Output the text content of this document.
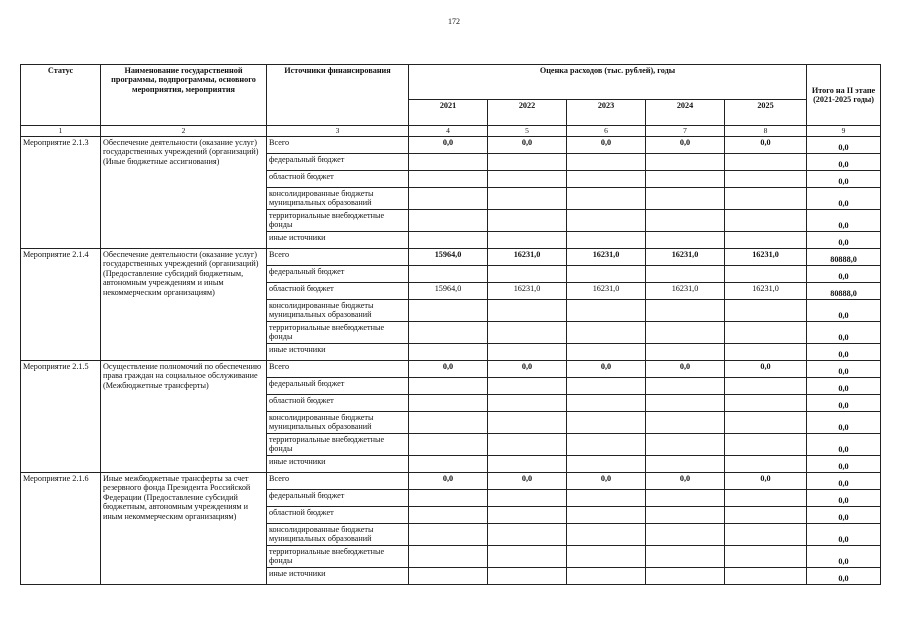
172
Статус	Наименование государственной программы, подпрограммы, основного мероприятия, мероприятия	Источники финансирования	Оценка расходов (тыс. рублей), годы					Итого на II этапе (2021-2025 годы)
			2021	2022	2023	2024	2025	
1	2	3	4	5	6	7	8	9
Мероприятие 2.1.3	Обеспечение деятельности (оказание услуг) государственных учреждений (организаций) (Иные бюджетные ассигнования)	Всего	0,0	0,0	0,0	0,0	0,0	0,0
		федеральный бюджет						0,0
		областной бюджет						0,0
		консолидированные бюджеты муниципальных образований						0,0
		территориальные внебюджетные фонды						0,0
		иные источники						0,0
Мероприятие 2.1.4	Обеспечение деятельности (оказание услуг) государственных учреждений (организаций) (Предоставление субсидий бюджетным, автономным учреждениям и иным некоммерческим организациям)	Всего	15964,0	16231,0	16231,0	16231,0	16231,0	80888,0
		федеральный бюджет						0,0
		областной бюджет	15964,0	16231,0	16231,0	16231,0	16231,0	80888,0
		консолидированные бюджеты муниципальных образований						0,0
		территориальные внебюджетные фонды						0,0
		иные источники						0,0
Мероприятие 2.1.5	Осуществление полномочий по обеспечению права граждан на социальное обслуживание (Межбюджетные трансферты)	Всего	0,0	0,0	0,0	0,0	0,0	0,0
		федеральный бюджет						0,0
		областной бюджет						0,0
		консолидированные бюджеты муниципальных образований						0,0
		территориальные внебюджетные фонды						0,0
		иные источники						0,0
Мероприятие 2.1.6	Иные межбюджетные трансферты за счет резервного фонда Президента Российской Федерации (Предоставление субсидий бюджетным, автономным учреждениям и иным некоммерческим организациям)	Всего	0,0	0,0	0,0	0,0	0,0	0,0
		федеральный бюджет						0,0
		областной бюджет						0,0
		консолидированные бюджеты муниципальных образований						0,0
		территориальные внебюджетные фонды						0,0
		иные источники						0,0
